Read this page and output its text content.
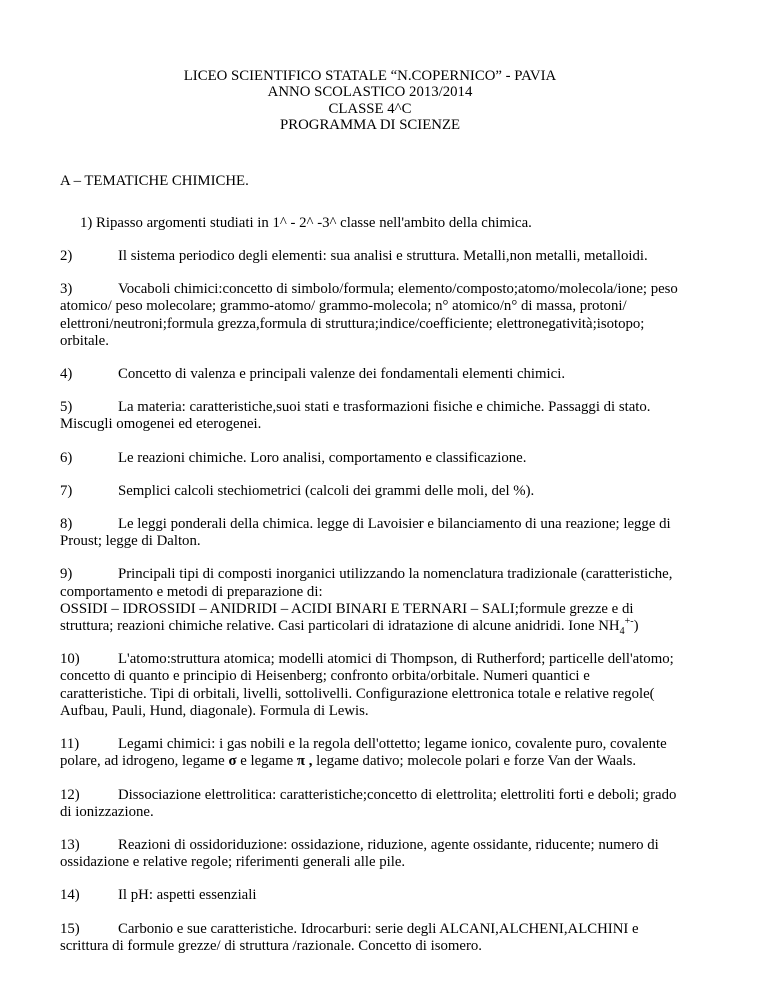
LICEO SCIENTIFICO STATALE “N.COPERNICO” - PAVIA
ANNO SCOLASTICO 2013/2014
CLASSE 4^C
PROGRAMMA DI SCIENZE
A – TEMATICHE CHIMICHE.
1) Ripasso argomenti studiati in 1^ - 2^ -3^ classe nell'ambito della chimica.
2)	Il sistema periodico degli elementi: sua analisi e struttura. Metalli,non metalli, metalloidi.
3)	Vocaboli chimici:concetto di simbolo/formula; elemento/composto;atomo/molecola/ione; peso atomico/ peso molecolare; grammo-atomo/ grammo-molecola; n° atomico/n° di massa, protoni/ elettroni/neutroni;formula grezza,formula di struttura;indice/coefficiente; elettronegatività;isotopo; orbitale.
4)	Concetto di valenza e principali valenze dei fondamentali elementi chimici.
5)	La materia: caratteristiche,suoi stati e trasformazioni fisiche e chimiche. Passaggi di stato. Miscugli omogenei ed eterogenei.
6)	Le reazioni chimiche. Loro analisi, comportamento e classificazione.
7)	Semplici calcoli stechiometrici (calcoli dei grammi delle moli, del %).
8)	Le leggi ponderali della chimica. legge di Lavoisier e bilanciamento di una reazione; legge di Proust; legge di Dalton.
9)	Principali tipi di composti inorganici utilizzando la nomenclatura tradizionale (caratteristiche, comportamento e metodi di preparazione di:
OSSIDI – IDROSSIDI – ANIDRIDI – ACIDI BINARI E TERNARI – SALI;formule grezze e di struttura; reazioni chimiche relative. Casi particolari di idratazione di alcune anidridi. Ione $NH_4^{+-}$)
10)	L'atomo:struttura atomica; modelli atomici di Thompson, di Rutherford; particelle dell'atomo; concetto di quanto e principio di Heisenberg; confronto orbita/orbitale. Numeri quantici e caratteristiche. Tipi di orbitali, livelli, sottolivelli. Configurazione elettronica totale e relative regole( Aufbau, Pauli, Hund, diagonale). Formula di Lewis.
11)	Legami chimici: i gas nobili e la regola dell'ottetto; legame ionico, covalente puro, covalente polare, ad idrogeno, legame σ e legame π , legame dativo; molecole polari e forze Van der Waals.
12)	Dissociazione elettrolitica: caratteristiche;concetto di elettrolita; elettroliti forti e deboli; grado di ionizzazione.
13)	Reazioni di ossidoriduzione: ossidazione, riduzione, agente ossidante, riducente; numero di ossidazione e relative regole; riferimenti generali alle pile.
14)	Il pH: aspetti essenziali
15)	Carbonio e sue caratteristiche. Idrocarburi: serie degli ALCANI,ALCHENI,ALCHINI e scrittura di formule grezze/ di struttura /razionale. Concetto di isomero.
